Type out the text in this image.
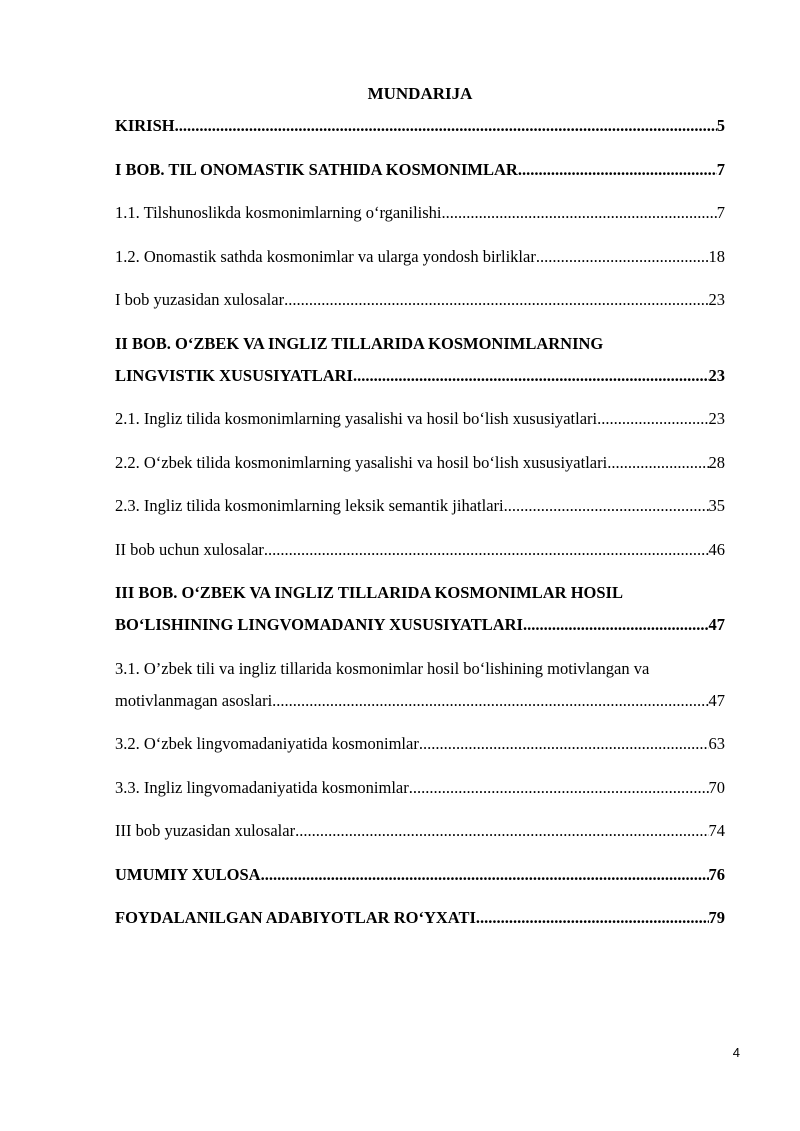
MUNDARIJA
KIRISH .....	5
I BOB. TIL ONOMASTIK SATHIDA KOSMONIMLAR .....	7
1.1. Tilshunoslikda kosmonimlarning o‘rganilishi .....	7
1.2. Onomastik sathda kosmonimlar va ularga yondosh birliklar .....	18
I bob yuzasidan xulosalar .....	23
II BOB. O‘ZBEK VA INGLIZ TILLARIDA KOSMONIMLARNING
LINGVISTIK XUSUSIYATLARI .....	23
2.1. Ingliz tilida kosmonimlarning yasalishi va hosil bo‘lish xususiyatlari .....	23
2.2. O‘zbek tilida kosmonimlarning yasalishi va hosil bo‘lish xususiyatlari .....	28
2.3. Ingliz tilida kosmonimlarning leksik semantik jihatlari .....	35
II bob uchun xulosalar .....	46
III BOB. O‘ZBEK VA INGLIZ TILLARIDA KOSMONIMLAR HOSIL
BO‘LISHINING LINGVOMADANIY XUSUSIYATLARI .....	47
3.1. O’zbek tili va ingliz tillarida kosmonimlar hosil bo‘lishining motivlangan va
motivlanmagan asoslari .....	47
3.2. O‘zbek lingvomadaniyatida kosmonimlar .....	63
3.3. Ingliz lingvomadaniyatida kosmonimlar .....	70
III bob yuzasidan xulosalar .....	74
UMUMIY XULOSA .....	76
FOYDALANILGAN ADABIYOTLAR RO‘YXATI .....	79
4
